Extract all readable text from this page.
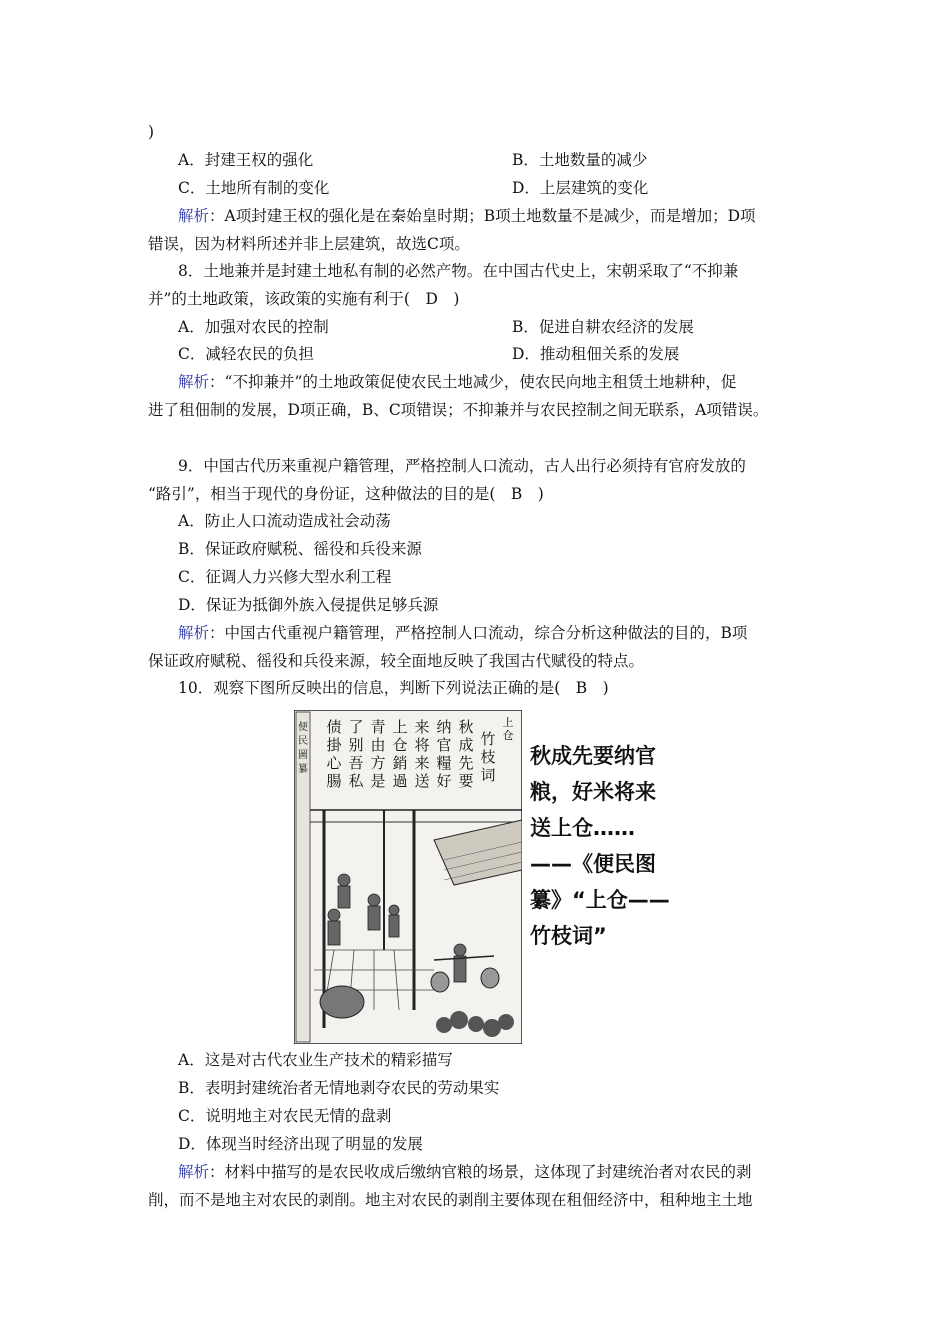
)
A．封建王权的强化	B．土地数量的减少
C．土地所有制的变化	D．上层建筑的变化
解析：A项封建王权的强化是在秦始皇时期；B项土地数量不是减少，而是增加；D项
错误，因为材料所述并非上层建筑，故选C项。
8．土地兼并是封建土地私有制的必然产物。在中国古代史上，宋朝采取了“不抑兼
并”的土地政策，该政策的实施有利于(　D　)
A．加强对农民的控制	B．促进自耕农经济的发展
C．减轻农民的负担	D．推动租佃关系的发展
解析：“不抑兼并”的土地政策促使农民土地减少，使农民向地主租赁土地耕种，促
进了租佃制的发展，D项正确，B、C项错误；不抑兼并与农民控制之间无联系，A项错误。
9．中国古代历来重视户籍管理，严格控制人口流动，古人出行必须持有官府发放的
“路引”，相当于现代的身份证，这种做法的目的是(　B　)
A．防止人口流动造成社会动荡
B．保证政府赋税、徭役和兵役来源
C．征调人力兴修大型水利工程
D．保证为抵御外族入侵提供足够兵源
解析：中国古代重视户籍管理，严格控制人口流动，综合分析这种做法的目的，B项
保证政府赋税、徭役和兵役来源，较全面地反映了我国古代赋役的特点。
10．观察下图所反映出的信息，判断下列说法正确的是(　B　)
便民圖纂
竹枝词
秋成先要
纳官糧好
来将来送
上仓銷過
青由方是
了别吾私
债掛心腸
上仓
秋成先要纳官
粮，好米将来
送上仓……
——《便民图
纂》“上仓——
竹枝词”
A．这是对古代农业生产技术的精彩描写
B．表明封建统治者无情地剥夺农民的劳动果实
C．说明地主对农民无情的盘剥
D．体现当时经济出现了明显的发展
解析：材料中描写的是农民收成后缴纳官粮的场景，这体现了封建统治者对农民的剥
削，而不是地主对农民的剥削。地主对农民的剥削主要体现在租佃经济中，租种地主土地
